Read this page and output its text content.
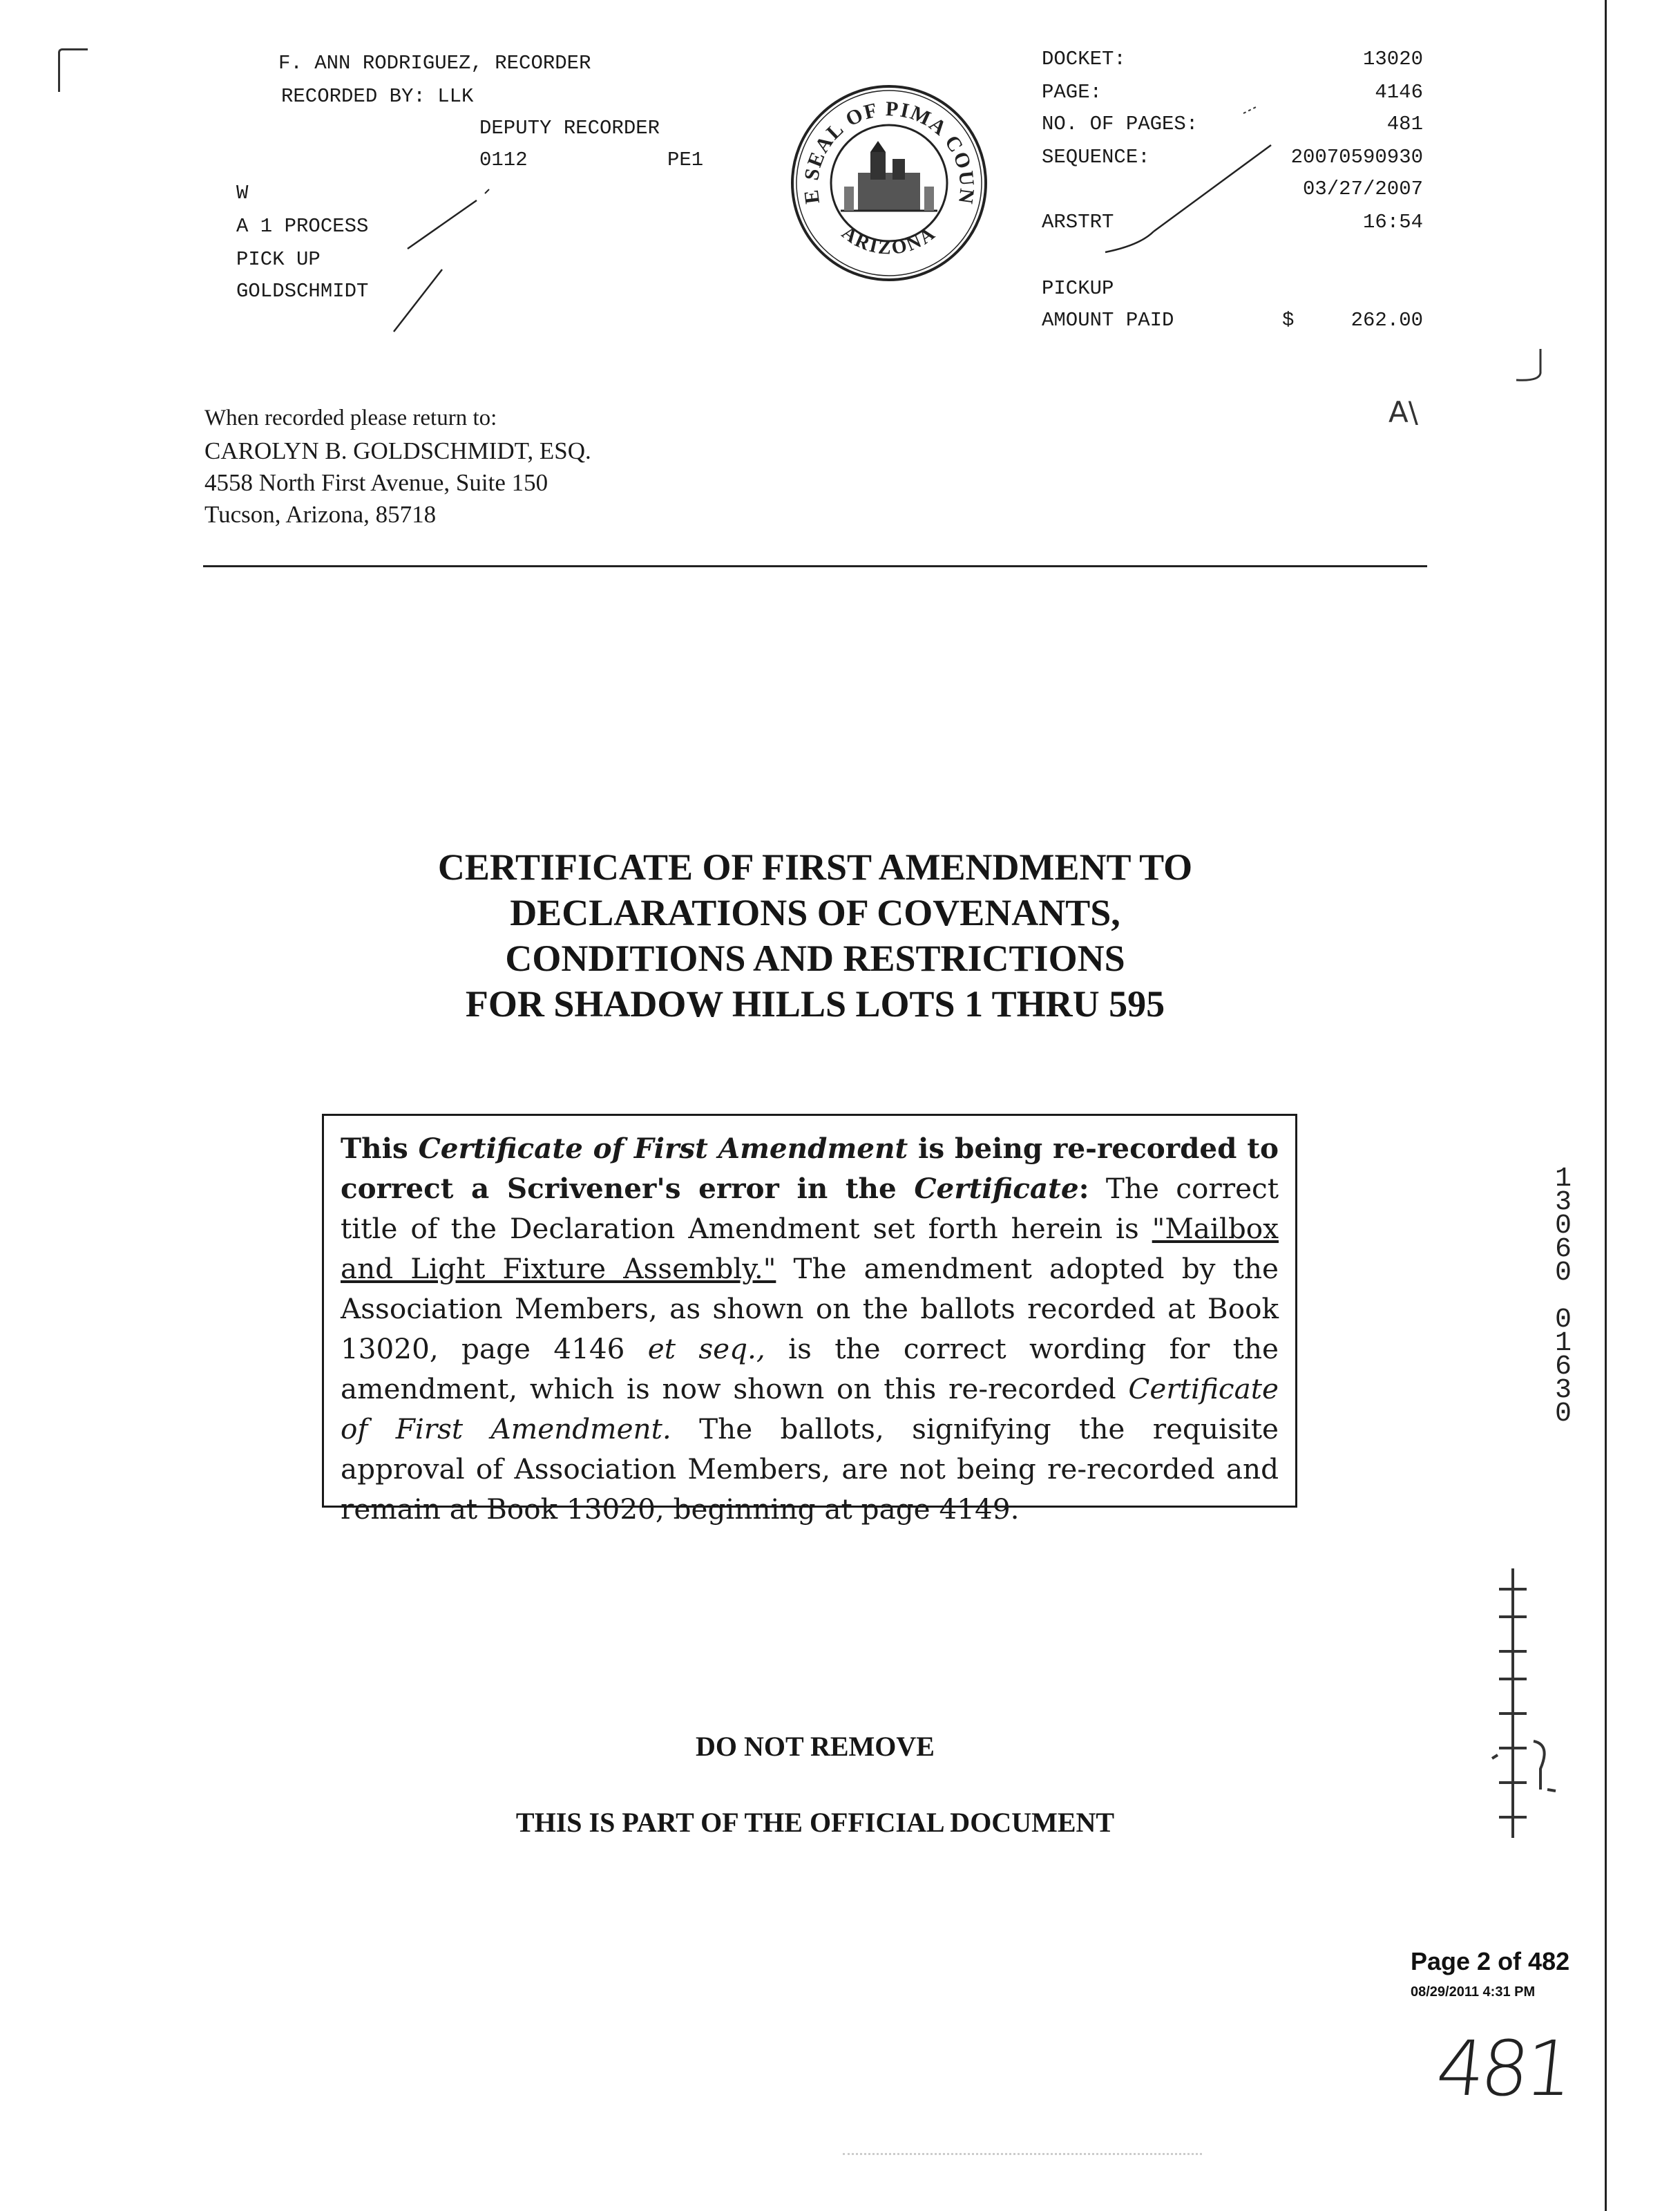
F. ANN RODRIGUEZ, RECORDER
RECORDED BY: LLK
DEPUTY RECORDER
0112	PE1
W
A 1 PROCESS
PICK UP
GOLDSCHMIDT
E SEAL OF PIMA COUN
ARIZONA
DOCKET:	13020
PAGE:	4146
NO. OF PAGES:	481
SEQUENCE:	20070590930
03/27/2007
ARSTRT	16:54
PICKUP
AMOUNT PAID	$	262.00
A\
When recorded please return to:
CAROLYN B. GOLDSCHMIDT, ESQ.
4558 North First Avenue, Suite 150
Tucson, Arizona, 85718
CERTIFICATE OF FIRST AMENDMENT TO
DECLARATIONS OF COVENANTS,
CONDITIONS AND RESTRICTIONS
FOR SHADOW HILLS LOTS 1 THRU 595
This Certificate of First Amendment is being re-recorded to correct a Scrivener's error in the Certificate: The correct title of the Declaration Amendment set forth herein is "Mailbox and Light Fixture Assembly." The amendment adopted by the Association Members, as shown on the ballots recorded at Book 13020, page 4146 et seq., is the correct wording for the amendment, which is now shown on this re-recorded Certificate of First Amendment. The ballots, signifying the requisite approval of Association Members, are not being re-recorded and remain at Book 13020, beginning at page 4149.
1
3
0
6
0
0
1
6
3
0
DO NOT REMOVE
THIS IS PART OF THE OFFICIAL DOCUMENT
Page 2 of 482
08/29/2011 4:31 PM
481
